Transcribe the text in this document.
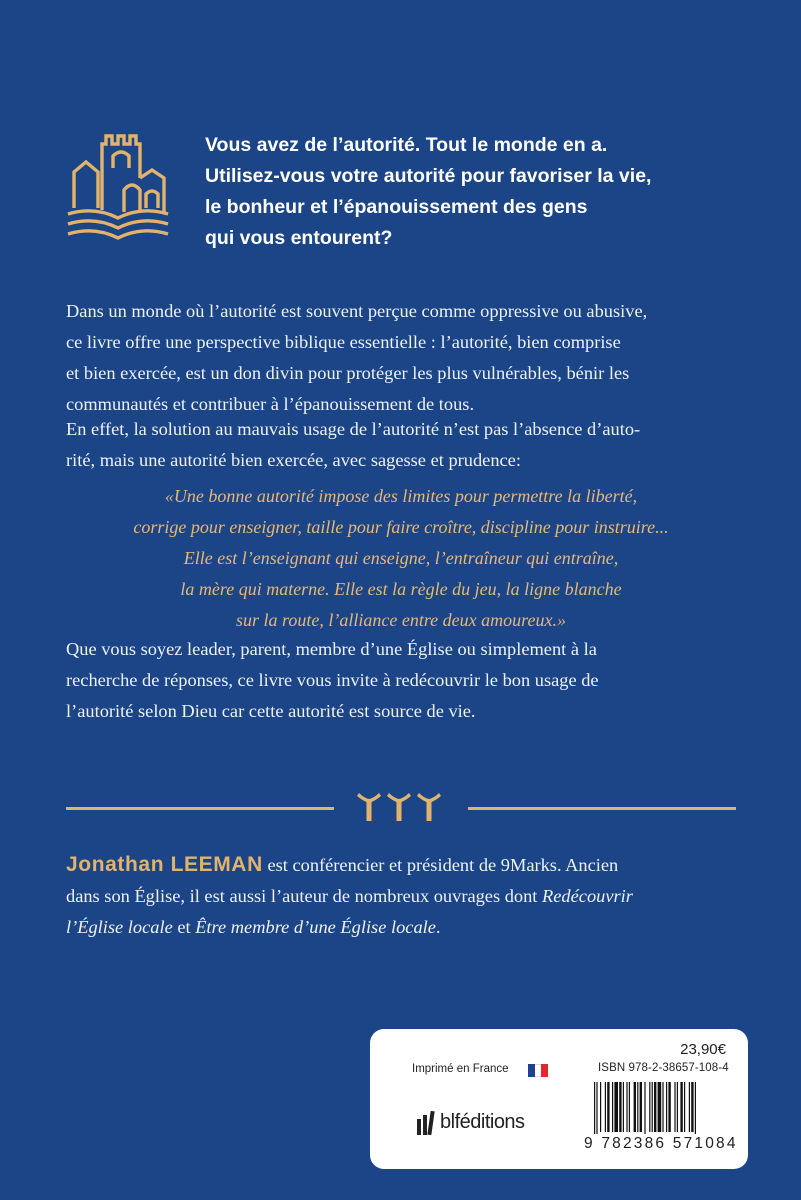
Vous avez de l’autorité. Tout le monde en a.
Utilisez-vous votre autorité pour favoriser la vie,
le bonheur et l’épanouissement des gens
qui vous entourent?
Dans un monde où l’autorité est souvent perçue comme oppressive ou abusive,
ce livre offre une perspective biblique essentielle : l’autorité, bien comprise
et bien exercée, est un don divin pour protéger les plus vulnérables, bénir les
communautés et contribuer à l’épanouissement de tous.
En effet, la solution au mauvais usage de l’autorité n’est pas l’absence d’auto-
rité, mais une autorité bien exercée, avec sagesse et prudence:
«Une bonne autorité impose des limites pour permettre la liberté,
corrige pour enseigner, taille pour faire croître, discipline pour instruire...
Elle est l’enseignant qui enseigne, l’entraîneur qui entraîne,
la mère qui materne. Elle est la règle du jeu, la ligne blanche
sur la route, l’alliance entre deux amoureux.»
Que vous soyez leader, parent, membre d’une Église ou simplement à la
recherche de réponses, ce livre vous invite à redécouvrir le bon usage de
l’autorité selon Dieu car cette autorité est source de vie.
Jonathan LEEMAN est conférencier et président de 9Marks. Ancien
dans son Église, il est aussi l’auteur de nombreux ouvrages dont Redécouvrir
l’Église locale et Être membre d’une Église locale.
23,90€
Imprimé en France	ISBN 978-2-38657-108-4
blféditions
9 782386 571084
